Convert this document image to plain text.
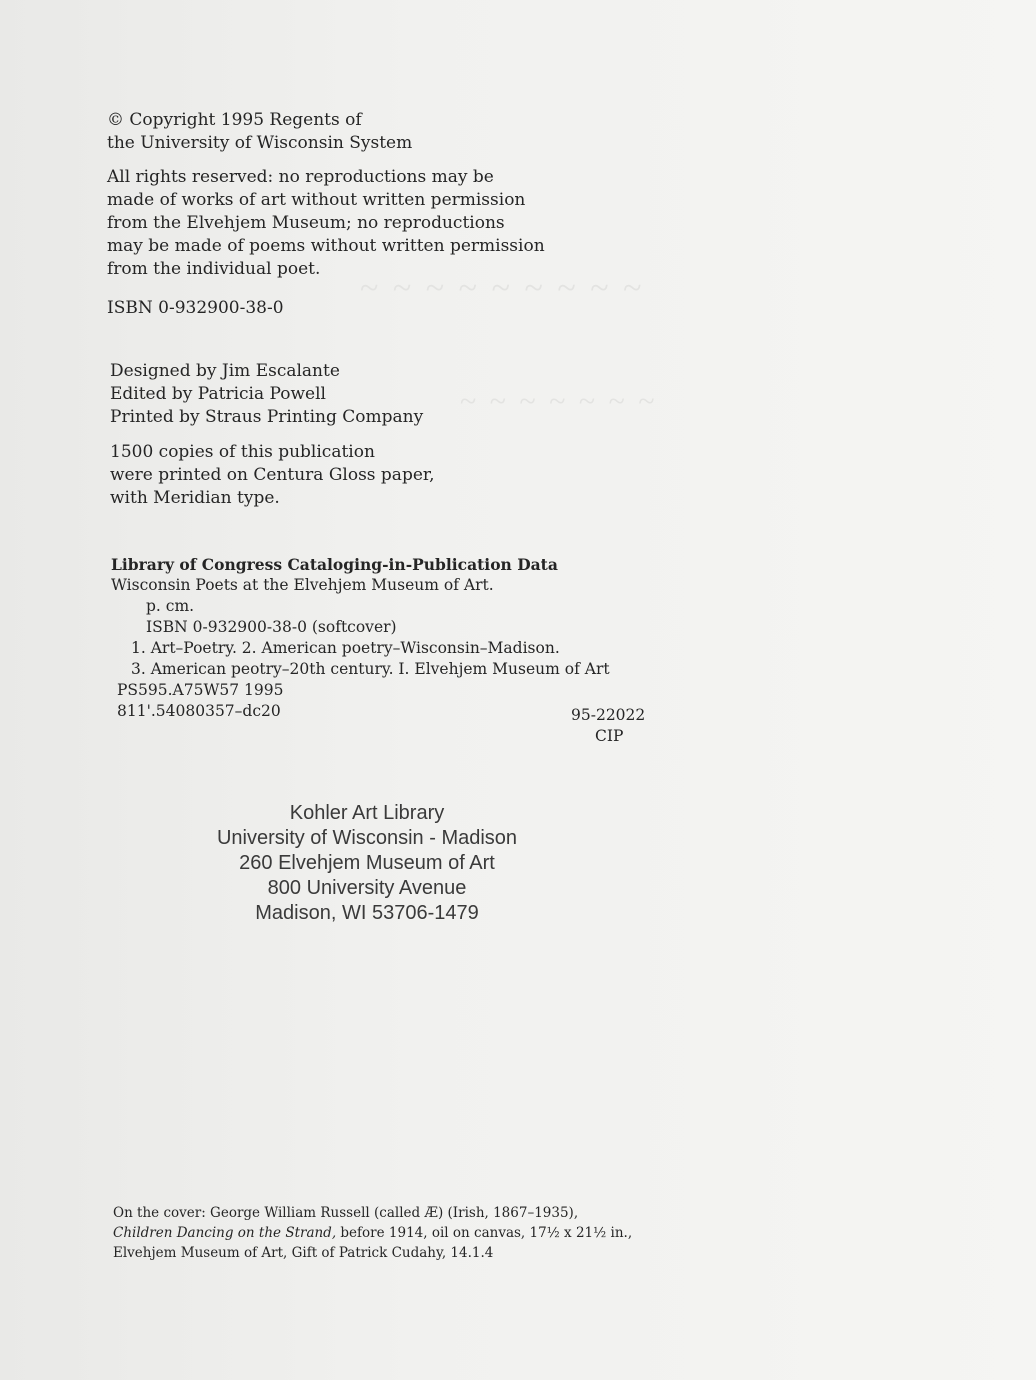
~ ~ ~ ~ ~ ~ ~ ~ ~
~ ~ ~ ~ ~ ~ ~
© Copyright 1995 Regents of
the University of Wisconsin System
All rights reserved: no reproductions may be
made of works of art without written permission
from the Elvehjem Museum; no reproductions
may be made of poems without written permission
from the individual poet.
ISBN 0-932900-38-0
Designed by Jim Escalante
Edited by Patricia Powell
Printed by Straus Printing Company
1500 copies of this publication
were printed on Centura Gloss paper,
with Meridian type.
Library of Congress Cataloging-in-Publication Data
Wisconsin Poets at the Elvehjem Museum of Art.
p. cm.
ISBN 0-932900-38-0 (softcover)
1. Art–Poetry. 2. American poetry–Wisconsin–Madison.
3. American peotry–20th century. I. Elvehjem Museum of Art
PS595.A75W57 1995
811'.54080357–dc20	95-22022
CIP
Kohler Art Library
University of Wisconsin - Madison
260 Elvehjem Museum of Art
800 University Avenue
Madison, WI 53706-1479
On the cover: George William Russell (called Æ) (Irish, 1867–1935),
Children Dancing on the Strand, before 1914, oil on canvas, 17½ x 21½ in.,
Elvehjem Museum of Art, Gift of Patrick Cudahy, 14.1.4
